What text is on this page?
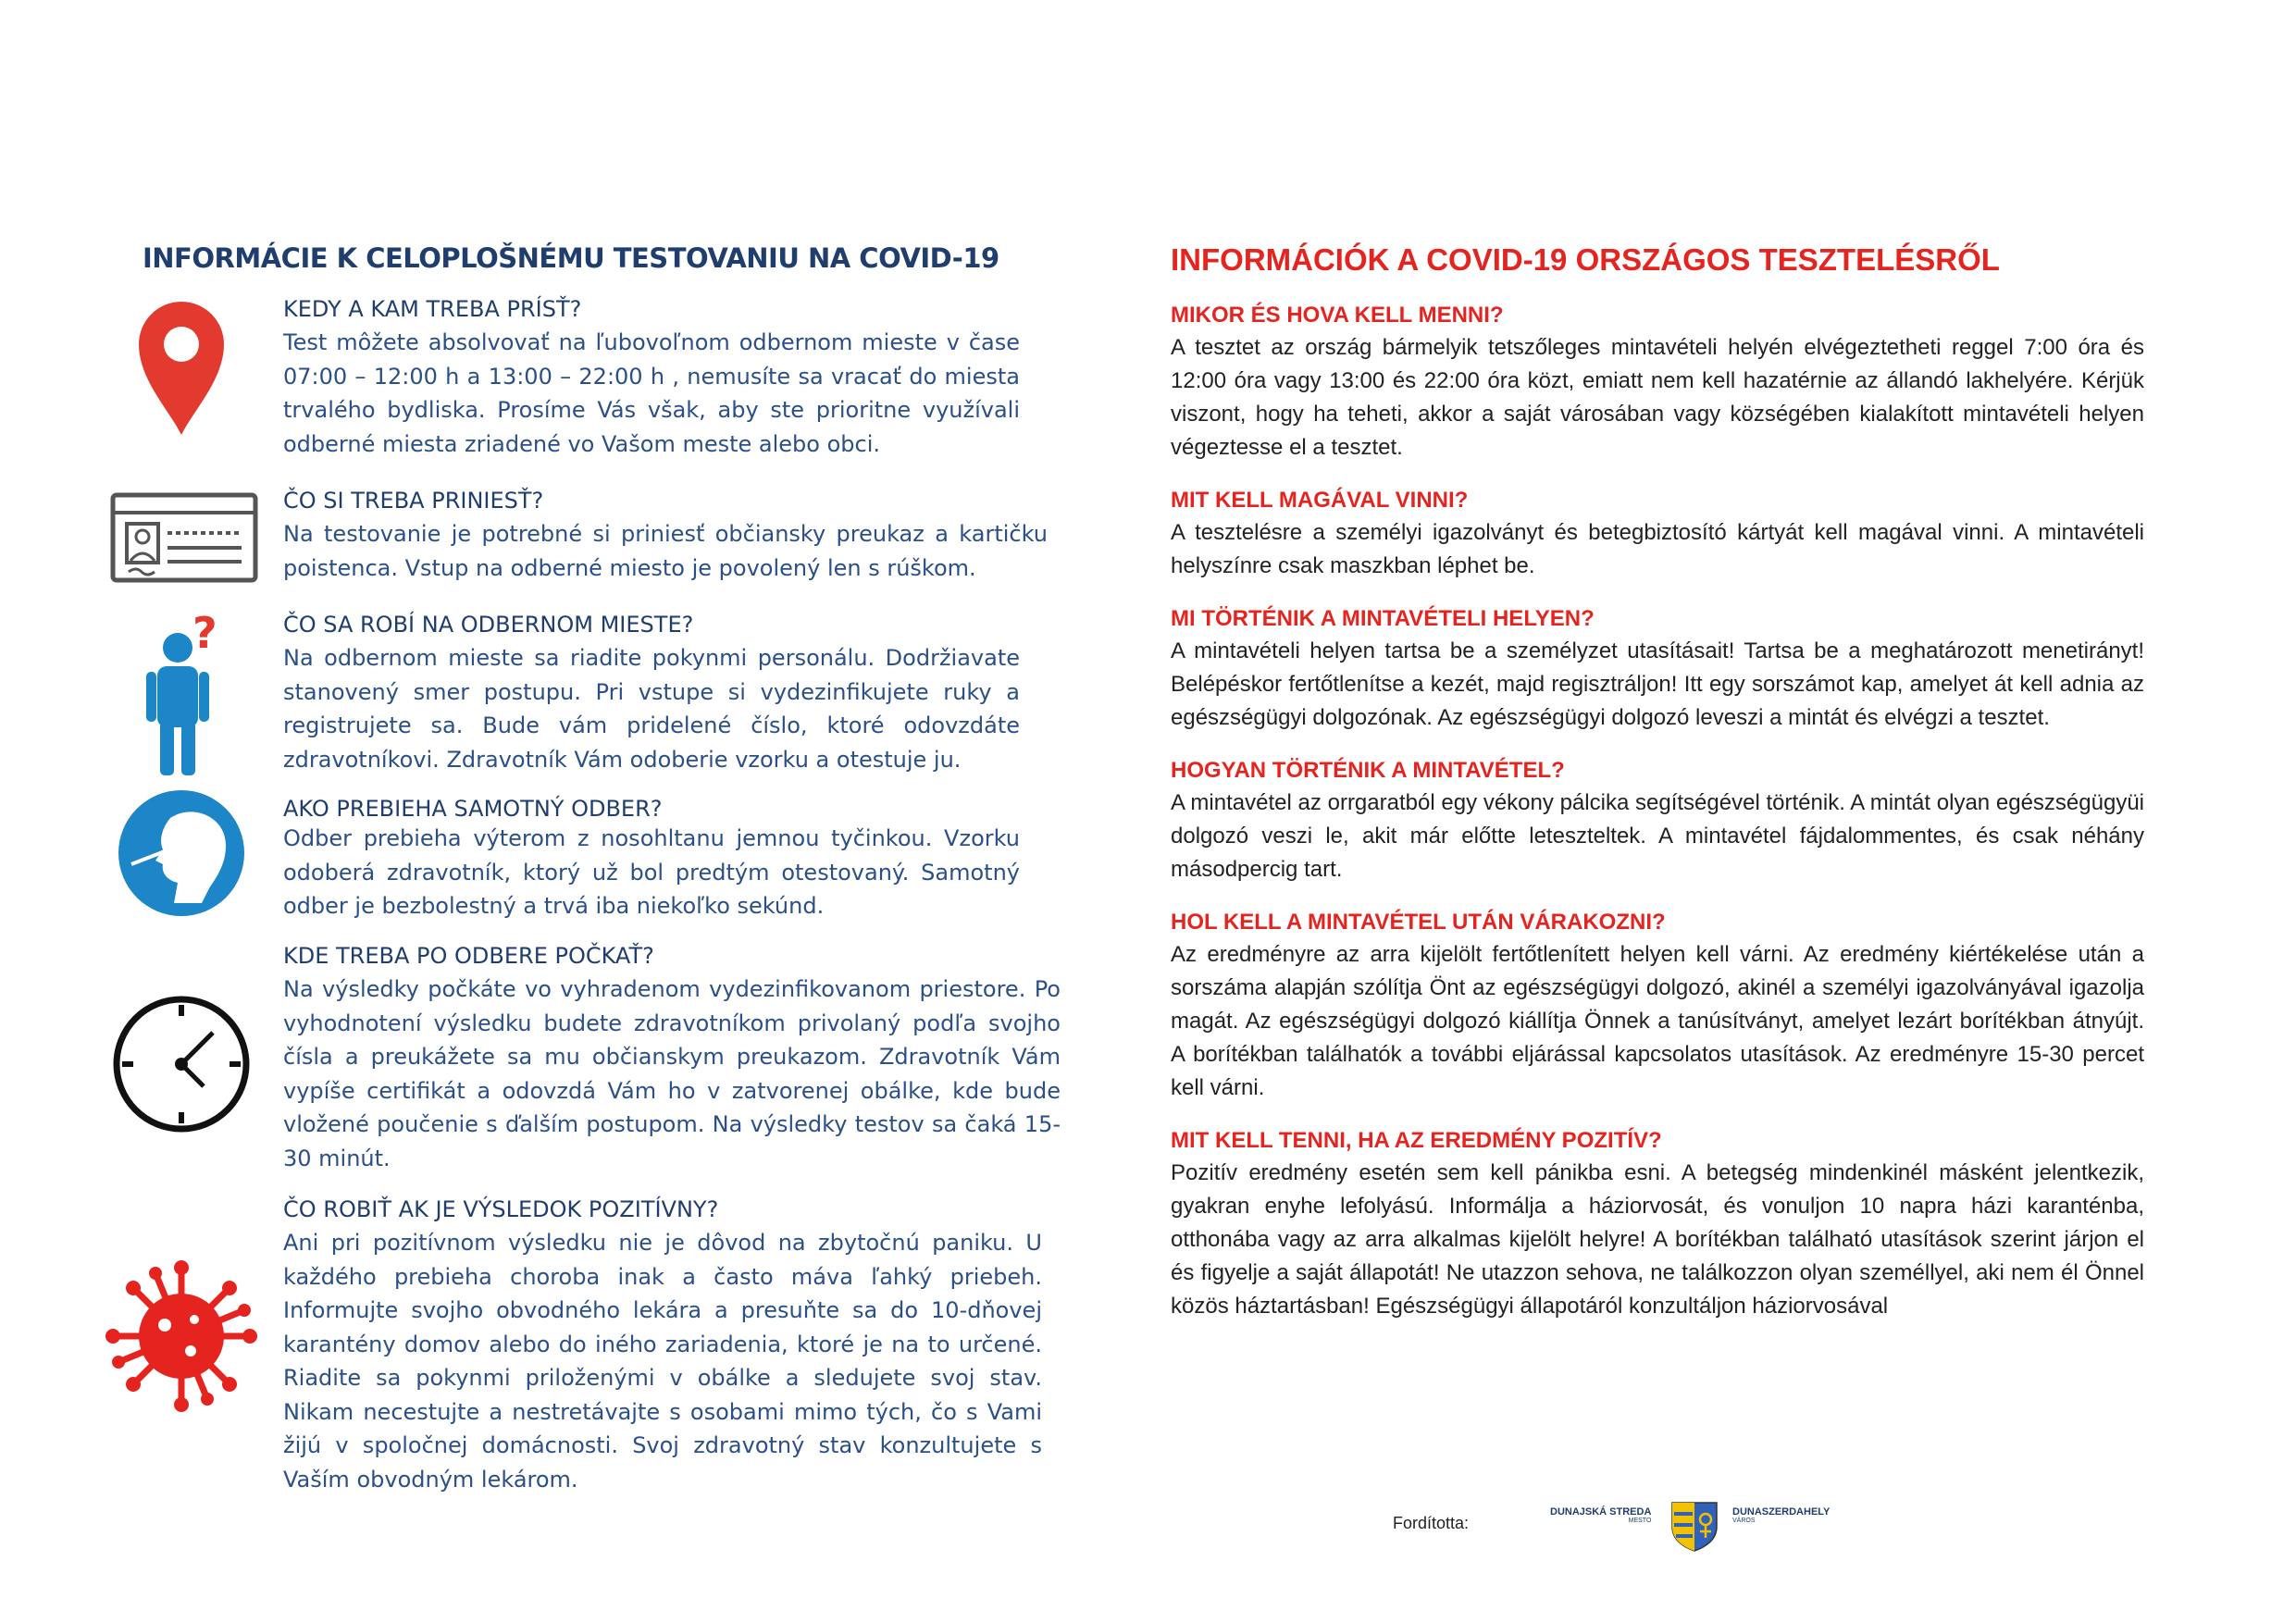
INFORMÁCIE K CELOPLOŠNÉMU TESTOVANIU NA COVID-19
KEDY A KAM TREBA PRÍSŤ?
Test môžete absolvovať na ľubovoľnom odbernom mieste v čase 07:00 – 12:00 h a 13:00 – 22:00 h , nemusíte sa vracať do miesta trvalého bydliska. Prosíme Vás však, aby ste prioritne využívali odberné miesta zriadené vo Vašom meste alebo obci.
ČO SI TREBA PRINIESŤ?
Na testovanie je potrebné si priniesť občiansky preukaz a kartičku poistenca. Vstup na odberné miesto je povolený len s rúškom.
?	ČO SA ROBÍ NA ODBERNOM MIESTE?
Na odbernom mieste sa riadite pokynmi personálu. Dodržiavate stanovený smer postupu. Pri vstupe si vydezinfikujete ruky a registrujete sa. Bude vám pridelené číslo, ktoré odovzdáte zdravotníkovi. Zdravotník Vám odoberie vzorku a otestuje ju.
AKO PREBIEHA SAMOTNÝ ODBER?
Odber prebieha výterom z nosohltanu jemnou tyčinkou. Vzorku odoberá zdravotník, ktorý už bol predtým otestovaný. Samotný odber je bezbolestný a trvá iba niekoľko sekúnd.
KDE TREBA PO ODBERE POČKAŤ?
Na výsledky počkáte vo vyhradenom vydezinfikovanom priestore. Po vyhodnotení výsledku budete zdravotníkom privolaný podľa svojho čísla a preukážete sa mu občianskym preukazom. Zdravotník Vám vypíše certifikát a odovzdá Vám ho v zatvorenej obálke, kde bude vložené poučenie s ďalším postupom. Na výsledky testov sa čaká 15-30 minút.
ČO ROBIŤ AK JE VÝSLEDOK POZITÍVNY?
Ani pri pozitívnom výsledku nie je dôvod na zbytočnú paniku. U každého prebieha choroba inak a často máva ľahký priebeh. Informujte svojho obvodného lekára a presuňte sa do 10-dňovej karantény domov alebo do iného zariadenia, ktoré je na to určené. Riadite sa pokynmi priloženými v obálke a sledujete svoj stav. Nikam necestujte a nestretávajte s osobami mimo tých, čo s Vami žijú v spoločnej domácnosti. Svoj zdravotný stav konzultujete s Vaším obvodným lekárom.
INFORMÁCIÓK A COVID-19 ORSZÁGOS TESZTELÉSRŐL
MIKOR ÉS HOVA KELL MENNI?
A tesztet az ország bármelyik tetszőleges mintavételi helyén elvégeztetheti reggel 7:00 óra és 12:00 óra vagy 13:00 és 22:00 óra közt, emiatt nem kell hazatérnie az állandó lakhelyére. Kérjük viszont, hogy ha teheti, akkor a saját városában vagy községében kialakított mintavételi helyen végeztesse el a tesztet.
MIT KELL MAGÁVAL VINNI?
A tesztelésre a személyi igazolványt és betegbiztosító kártyát kell magával vinni. A mintavételi helyszínre csak maszkban léphet be.
MI TÖRTÉNIK A MINTAVÉTELI HELYEN?
A mintavételi helyen tartsa be a személyzet utasításait! Tartsa be a meghatározott menetirányt! Belépéskor fertőtlenítse a kezét, majd regisztráljon! Itt egy sorszámot kap, amelyet át kell adnia az egészségügyi dolgozónak. Az egészségügyi dolgozó leveszi a mintát és elvégzi a tesztet.
HOGYAN TÖRTÉNIK A MINTAVÉTEL?
A mintavétel az orrgaratból egy vékony pálcika segítségével történik. A mintát olyan egészségügyüi dolgozó veszi le, akit már előtte leteszteltek. A mintavétel fájdalommentes, és csak néhány másodpercig tart.
HOL KELL A MINTAVÉTEL UTÁN VÁRAKOZNI?
Az eredményre az arra kijelölt fertőtlenített helyen kell várni. Az eredmény kiértékelése után a sorszáma alapján szólítja Önt az egészségügyi dolgozó, akinél a személyi igazolványával igazolja magát. Az egészségügyi dolgozó kiállítja Önnek a tanúsítványt, amelyet lezárt borítékban átnyújt. A borítékban találhatók a további eljárással kapcsolatos utasítások. Az eredményre 15-30 percet kell várni.
MIT KELL TENNI, HA AZ EREDMÉNY POZITÍV?
Pozitív eredmény esetén sem kell pánikba esni. A betegség mindenkinél másként jelentkezik, gyakran enyhe lefolyású. Informálja a háziorvosát, és vonuljon 10 napra házi karanténba, otthonába vagy az arra alkalmas kijelölt helyre! A borítékban található utasítások szerint járjon el és figyelje a saját állapotát! Ne utazzon sehova, ne találkozzon olyan személlyel, aki nem él Önnel közös háztartásban! Egészségügyi állapotáról konzultáljon háziorvosával
Fordította:
DUNAJSKÁ STREDA
MESTO
DUNASZERDAHELY
VÁROS
